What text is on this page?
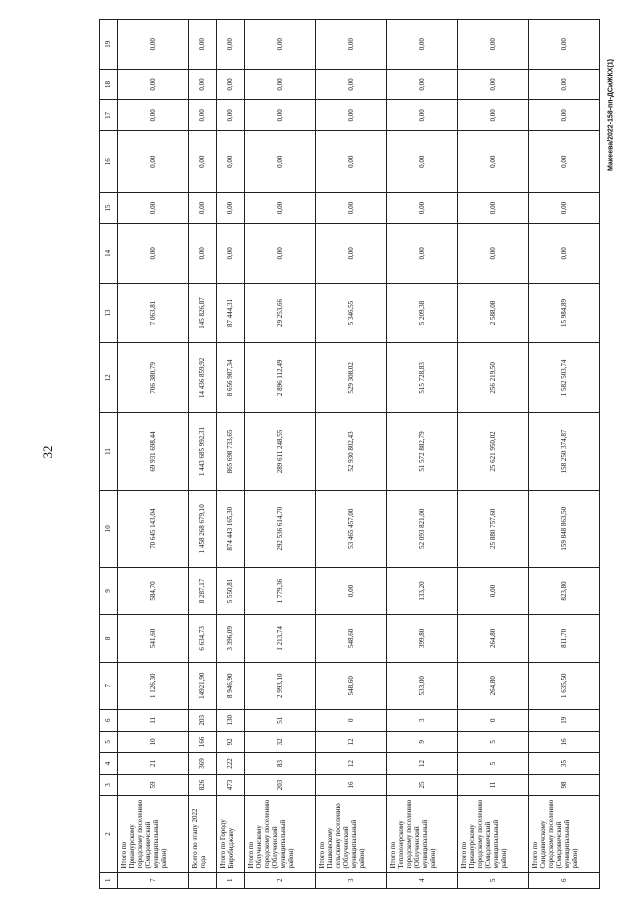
32
Макеева/2022-158-пп-ДСиЖКХ(1)
1	2	3	4	5	6	7	8	9	10	11	12	13	14	15	16	17	18	19
7	Итого по Приамурскому городскому поселению (Смидовичский муниципальный район)	59	21	10	11	1 126,30	541,60	584,70	70 645 143,04	69 931 698,44	706 380,79	7 063,81	0,00	0,00	0,00	0,00	0,00	0,00
	Всего по этапу 2022 года	826	369	166	203	14921,90	6 634,73	8 287,17	1 458 268 679,10	1 443 685 992,31	14 436 859,92	145 826,87	0,00	0,00	0,00	0,00	0,00	0,00
1	Итого по Городу Биробиджану	473	222	92	130	8 946,90	3 396,09	5 550,81	874 443 165,30	865 698 733,65	8 656 987,34	87 444,31	0,00	0,00	0,00	0,00	0,00	0,00
2	Итого по Облученскому городскому поселению (Облученский муниципальный район)	203	83	32	51	2 993,10	1 213,74	1 779,36	292 536 614,70	289 611 248,55	2 896 112,49	29 253,66	0,00	0,00	0,00	0,00	0,00	0,00
3	Итого по Пашковскому сельскому поселению (Облученский муниципальный район)	16	12	12	0	548,60	548,60	0,00	53 465 457,00	52 930 802,43	529 308,02	5 346,55	0,00	0,00	0,00	0,00	0,00	0,00
4	Итого по Теплоозерскому городскому поселению (Облученский муниципальный район)	25	12	9	3	533,00	399,80	133,20	52 093 821,00	51 572 882,79	515 728,83	5 209,38	0,00	0,00	0,00	0,00	0,00	0,00
5	Итого по Приамурскому городскому поселению (Смидовичский муниципальный район)	11	5	5	0	264,80	264,80	0,00	25 880 757,60	25 621 950,02	256 219,50	2 588,08	0,00	0,00	0,00	0,00	0,00	0,00
6	Итого по Смидовичскому городскому поселению (Смидовичский муниципальный район)	98	35	16	19	1 635,50	811,70	823,80	159 848 863,50	158 250 374,87	1 582 503,74	15 984,89	0,00	0,00	0,00	0,00	0,00	0,00
